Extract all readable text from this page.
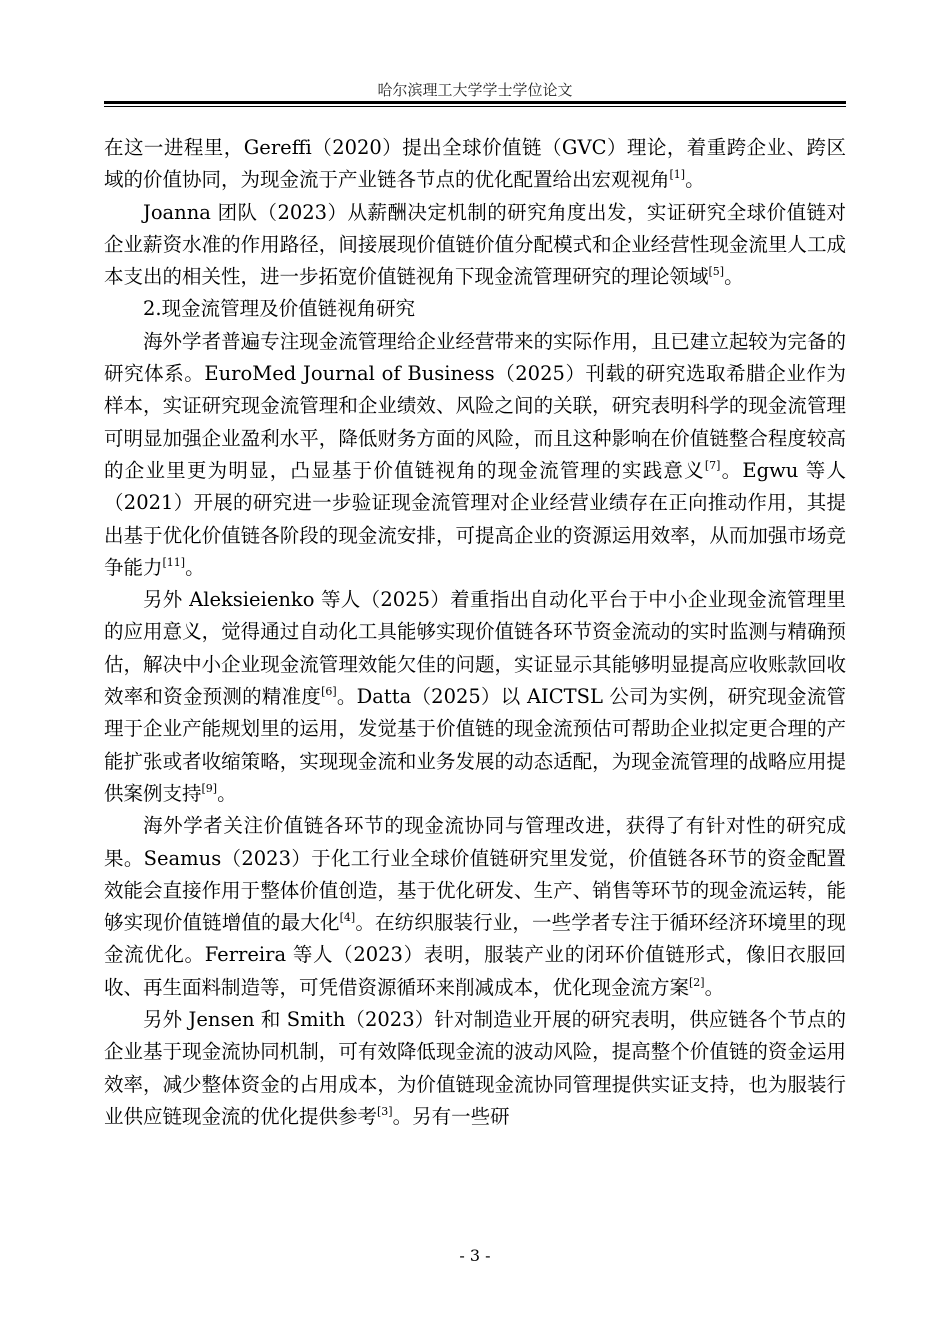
哈尔滨理工大学学士学位论文

在这一进程里，Gereffi（2020）提出全球价值链（GVC）理论，着重跨企业、跨区域的价值协同，为现金流于产业链各节点的优化配置给出宏观视角[1]。

Joanna 团队（2023）从薪酬决定机制的研究角度出发，实证研究全球价值链对企业薪资水准的作用路径，间接展现价值链价值分配模式和企业经营性现金流里人工成本支出的相关性，进一步拓宽价值链视角下现金流管理研究的理论领域[5]。

2.现金流管理及价值链视角研究

海外学者普遍专注现金流管理给企业经营带来的实际作用，且已建立起较为完备的研究体系。EuroMed Journal of Business（2025）刊载的研究选取希腊企业作为样本，实证研究现金流管理和企业绩效、风险之间的关联，研究表明科学的现金流管理可明显加强企业盈利水平，降低财务方面的风险，而且这种影响在价值链整合程度较高的企业里更为明显，凸显基于价值链视角的现金流管理的实践意义[7]。Egwu 等人（2021）开展的研究进一步验证现金流管理对企业经营业绩存在正向推动作用，其提出基于优化价值链各阶段的现金流安排，可提高企业的资源运用效率，从而加强市场竞争能力[11]。

另外 Aleksieienko 等人（2025）着重指出自动化平台于中小企业现金流管理里的应用意义，觉得通过自动化工具能够实现价值链各环节资金流动的实时监测与精确预估，解决中小企业现金流管理效能欠佳的问题，实证显示其能够明显提高应收账款回收效率和资金预测的精准度[6]。Datta（2025）以 AICTSL 公司为实例，研究现金流管理于企业产能规划里的运用，发觉基于价值链的现金流预估可帮助企业拟定更合理的产能扩张或者收缩策略，实现现金流和业务发展的动态适配，为现金流管理的战略应用提供案例支持[9]。

海外学者关注价值链各环节的现金流协同与管理改进，获得了有针对性的研究成果。Seamus（2023）于化工行业全球价值链研究里发觉，价值链各环节的资金配置效能会直接作用于整体价值创造，基于优化研发、生产、销售等环节的现金流运转，能够实现价值链增值的最大化[4]。在纺织服装行业，一些学者专注于循环经济环境里的现金流优化。Ferreira 等人（2023）表明，服装产业的闭环价值链形式，像旧衣服回收、再生面料制造等，可凭借资源循环来削减成本，优化现金流方案[2]。

另外 Jensen 和 Smith（2023）针对制造业开展的研究表明，供应链各个节点的企业基于现金流协同机制，可有效降低现金流的波动风险，提高整个价值链的资金运用效率，减少整体资金的占用成本，为价值链现金流协同管理提供实证支持，也为服装行业供应链现金流的优化提供参考[3]。另有一些研

- 3 -
